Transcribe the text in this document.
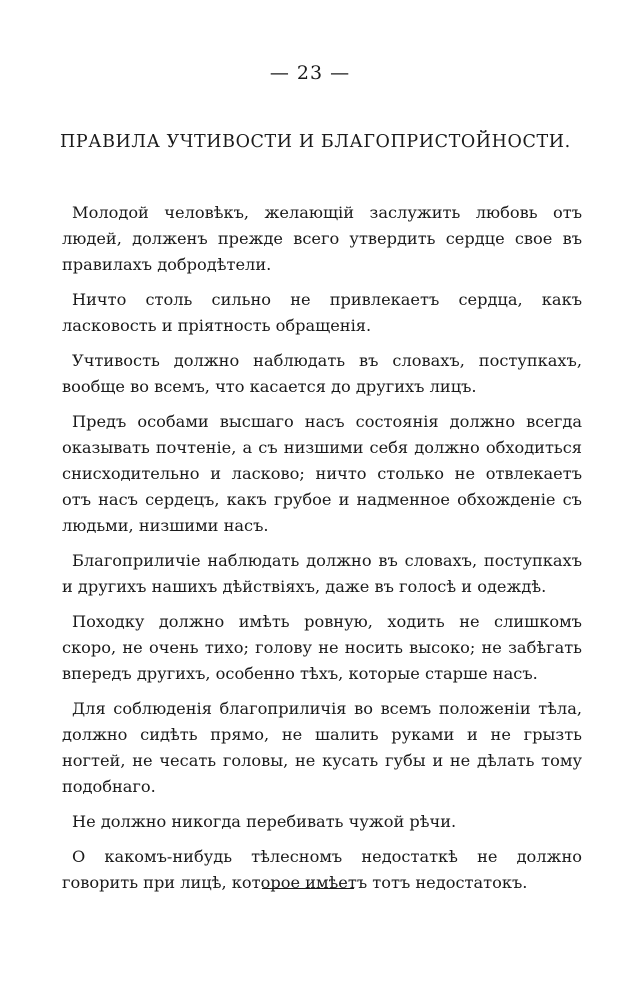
— 23 —
ПРАВИЛА УЧТИВОСТИ И БЛАГОПРИСТОЙНОСТИ.

Молодой человѣкъ, желающій заслужить любовь отъ людей, долженъ прежде всего утвердить сердце свое въ правилахъ добродѣтели.

Ничто столь сильно не привлекаетъ сердца, какъ ласковость и пріятность обращенія.

Учтивость должно наблюдать въ словахъ, поступкахъ, вообще во всемъ, что касается до другихъ лицъ.

Предъ особами высшаго насъ состоянія должно всегда оказывать почтеніе, а съ низшими себя должно обходиться снисходительно и ласково; ничто столько не отвлекаетъ отъ насъ сердецъ, какъ грубое и надменное обхожденіе съ людьми, низшими насъ.

Благоприличіе наблюдать должно въ словахъ, поступкахъ и другихъ нашихъ дѣйствіяхъ, даже въ голосѣ и одеждѣ.

Походку должно имѣть ровную, ходить не слишкомъ скоро, не очень тихо; голову не носить высоко; не забѣгать впередъ другихъ, особенно тѣхъ, которые старше насъ.

Для соблюденія благоприличія во всемъ положеніи тѣла, должно сидѣть прямо, не шалить руками и не грызть ногтей, не чесать головы, не кусать губы и не дѣлать тому подобнаго.

Не должно никогда перебивать чужой рѣчи.

О какомъ-нибудь тѣлесномъ недостаткѣ не должно говорить при лицѣ, которое имѣетъ тотъ недостатокъ.
